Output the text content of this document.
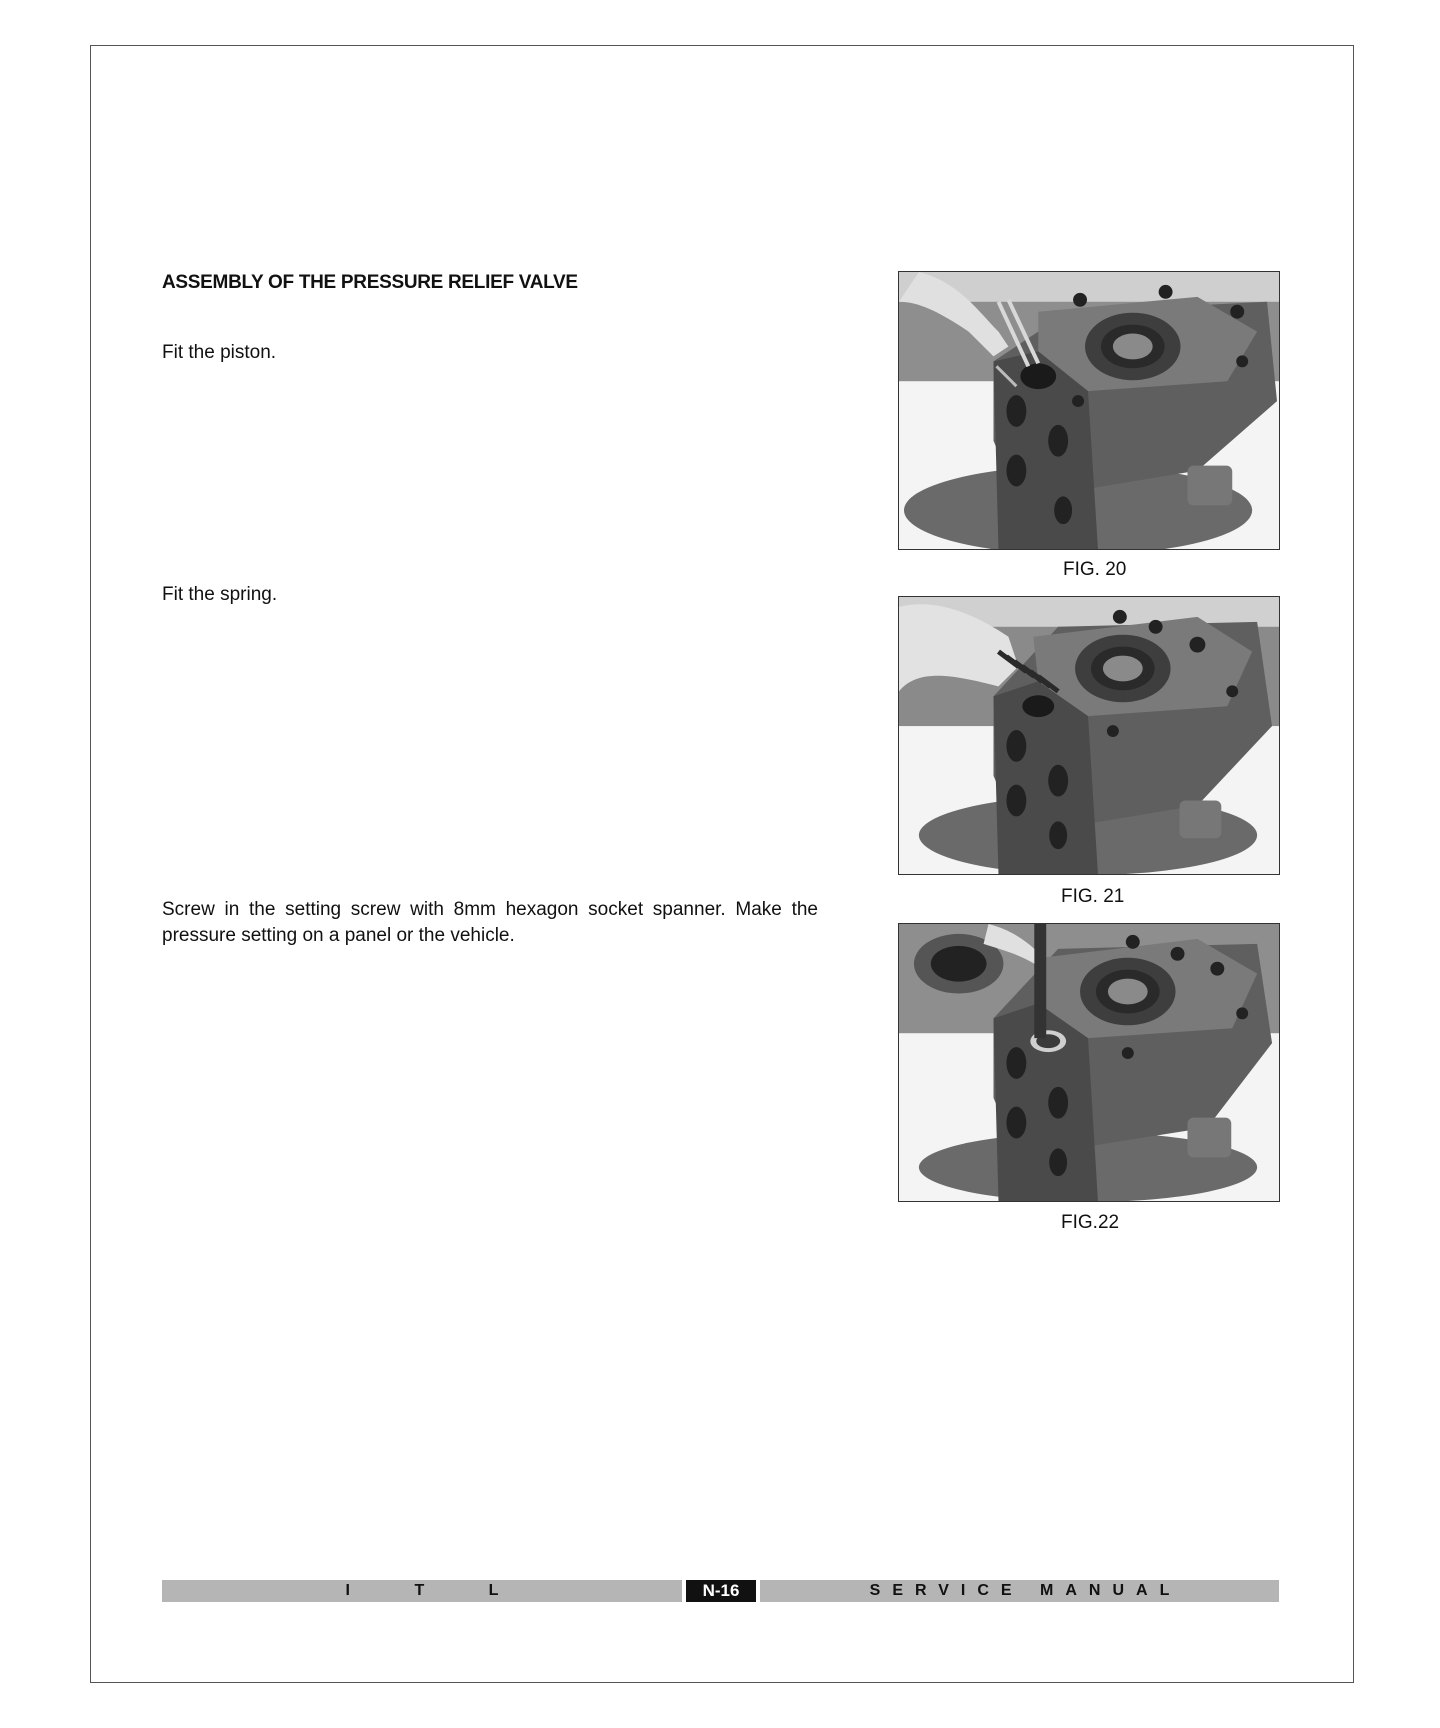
ASSEMBLY OF THE PRESSURE RELIEF VALVE

Fit the piston.

Fit the spring.

Screw in the setting screw with 8mm hexagon socket spanner. Make the pressure setting on a panel or the vehicle.

FIG. 20

FIG. 21

FIG.22

I T L	N-16	SERVICE MANUAL
